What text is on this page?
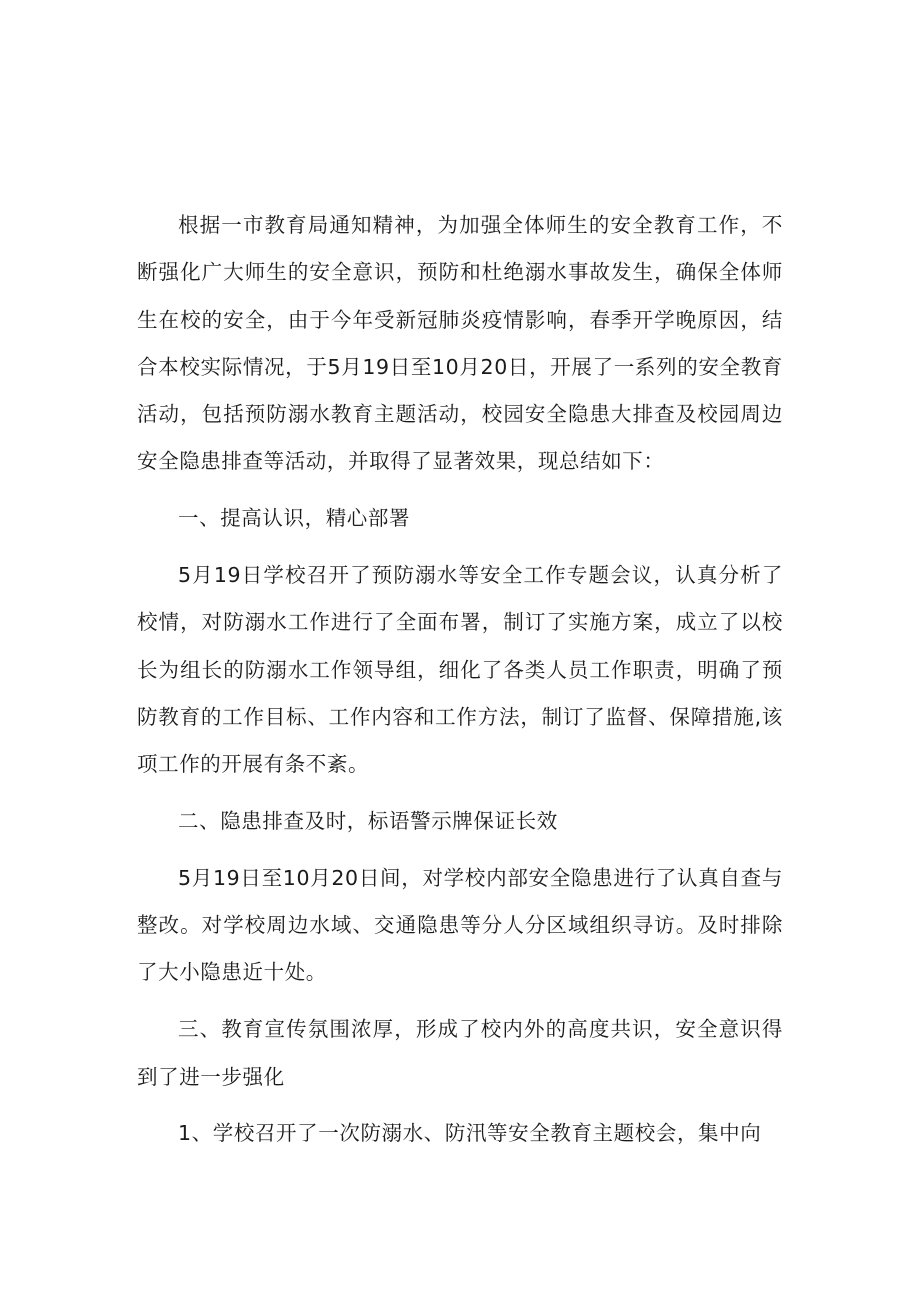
根据一市教育局通知精神，为加强全体师生的安全教育工作，不断强化广大师生的安全意识，预防和杜绝溺水事故发生，确保全体师生在校的安全，由于今年受新冠肺炎疫情影响，春季开学晚原因，结合本校实际情况，于5月19日至10月20日，开展了一系列的安全教育活动，包括预防溺水教育主题活动，校园安全隐患大排查及校园周边安全隐患排查等活动，并取得了显著效果，现总结如下：

一、提高认识，精心部署

5月19日学校召开了预防溺水等安全工作专题会议，认真分析了校情，对防溺水工作进行了全面布署，制订了实施方案，成立了以校长为组长的防溺水工作领导组，细化了各类人员工作职责，明确了预防教育的工作目标、工作内容和工作方法，制订了监督、保障措施,该项工作的开展有条不紊。

二、隐患排查及时，标语警示牌保证长效

5月19日至10月20日间，对学校内部安全隐患进行了认真自查与整改。对学校周边水域、交通隐患等分人分区域组织寻访。及时排除了大小隐患近十处。

三、教育宣传氛围浓厚，形成了校内外的高度共识，安全意识得到了进一步强化

1、学校召开了一次防溺水、防汛等安全教育主题校会，集中向
